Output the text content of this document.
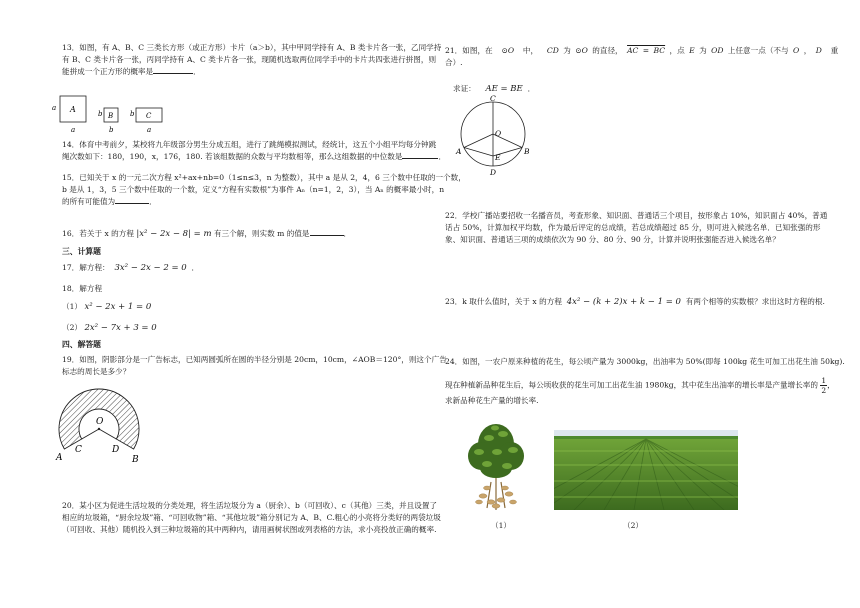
13．如图，有 A、B、C 三类长方形（或正方形）卡片（a＞b），其中甲同学持有 A、B 类卡片各一张，乙同学持
有 B、C 类卡片各一张，丙同学持有 A、C 类卡片各一张，现随机选取两位同学手中的卡片共四张进行拼图，则
能拼成一个正方形的概率是	．
a A
a
b B
b
b C
a
14．体育中考前夕，某校将九年级部分男生分成五组，进行了跳绳模拟测试，经统计，这五个小组平均每分钟跳
绳次数如下：180，190，x，176，180. 若该组数据的众数与平均数相等，那么这组数据的中位数是	．
15．已知关于 x 的一元二次方程 x²+ax+nb=0（1≤n≤3，n 为整数），其中 a 是从 2，4，6 三个数中任取的一个数，
b 是从 1，3，5 三个数中任取的一个数，定义“方程有实数根”为事件 Aₙ（n=1，2，3），当 Aₙ 的概率最小时，n
的所有可能值为	．
16．若关于 x 的方程 |x² − 2x − 8| = m 有三个解，则实数 m 的值是	．
三、计算题
17．解方程： 3x² − 2x − 2 = 0 ．
18．解方程
（1） x² − 2x + 1 = 0
（2） 2x² − 7x + 3 = 0
四、解答题
19．如图，阴影部分是一广告标志，已知两圆弧所在圆的半径分别是 20cm，10cm，∠AOB＝120°，则这个广告
标志的周长是多少？
O
A
C	D
B
20．某小区为促进生活垃圾的分类处理，将生活垃圾分为 a（厨余）、b（可回收）、c（其他）三类，并且设置了
相应的垃圾箱，“厨余垃圾”箱、“可回收物”箱、“其他垃圾”箱分别记为 A、B、C.粗心的小亮将分类好的两袋垃圾
（可回收、其他）随机投入到三种垃圾箱的其中两种内，请用画树状图或列表格的方法，求小亮投放正确的概率.
21．如图，在 ⊙O 中， CD 为 ⊙O 的直径， AC = BC ，点 E 为 OD 上任意一点（不与 O ， D 重
合）.
求证： AE = BE ．
C
O
A	B
E
D
22．学校广播站要招收一名播音员，考查形象、知识面、普通话三个项目，按形象占 10%，知识面占 40%，普通
话占 50%，计算加权平均数，作为最后评定的总成绩，若总成绩超过 85 分，则可进入候选名单．已知张强的形
象、知识面、普通话三项的成绩依次为 90 分、80 分、90 分，计算并说明张强能否进入候选名单？
23．k 取什么值时，关于 x 的方程 4x² − (k + 2)x + k − 1 = 0 有两个相等的实数根？求出这时方程的根.
24．如图，一农户原来种植的花生，每公顷产量为 3000kg，出油率为 50%(即每 100kg 花生可加工出花生油 50kg).
现在种植新品种花生后，每公顷收获的花生可加工出花生油 1980kg，其中花生出油率的增长率是产量增长率的 $\frac{1}{2}$ ，
求新品种花生产量的增长率.
（1）	（2）
